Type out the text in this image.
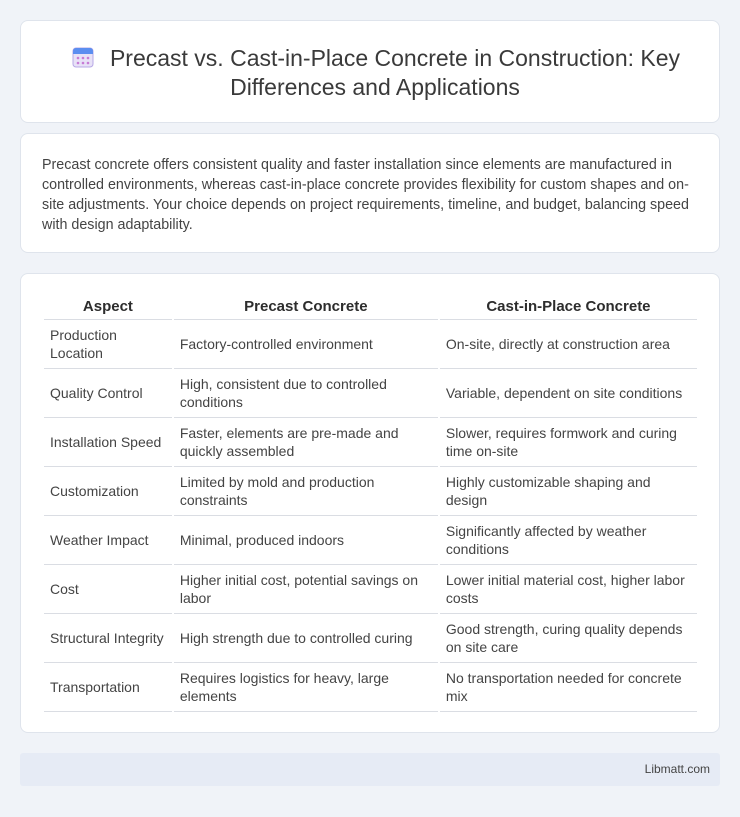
Precast vs. Cast-in-Place Concrete in Construction: Key Differences and Applications

Precast concrete offers consistent quality and faster installation since elements are manufactured in controlled environments, whereas cast-in-place concrete provides flexibility for custom shapes and on-site adjustments. Your choice depends on project requirements, timeline, and budget, balancing speed with design adaptability.

Aspect	Precast Concrete	Cast-in-Place Concrete
Production Location	Factory-controlled environment	On-site, directly at construction area
Quality Control	High, consistent due to controlled conditions	Variable, dependent on site conditions
Installation Speed	Faster, elements are pre-made and quickly assembled	Slower, requires formwork and curing time on-site
Customization	Limited by mold and production constraints	Highly customizable shaping and design
Weather Impact	Minimal, produced indoors	Significantly affected by weather conditions
Cost	Higher initial cost, potential savings on labor	Lower initial material cost, higher labor costs
Structural Integrity	High strength due to controlled curing	Good strength, curing quality depends on site care
Transportation	Requires logistics for heavy, large elements	No transportation needed for concrete mix
Libmatt.com
